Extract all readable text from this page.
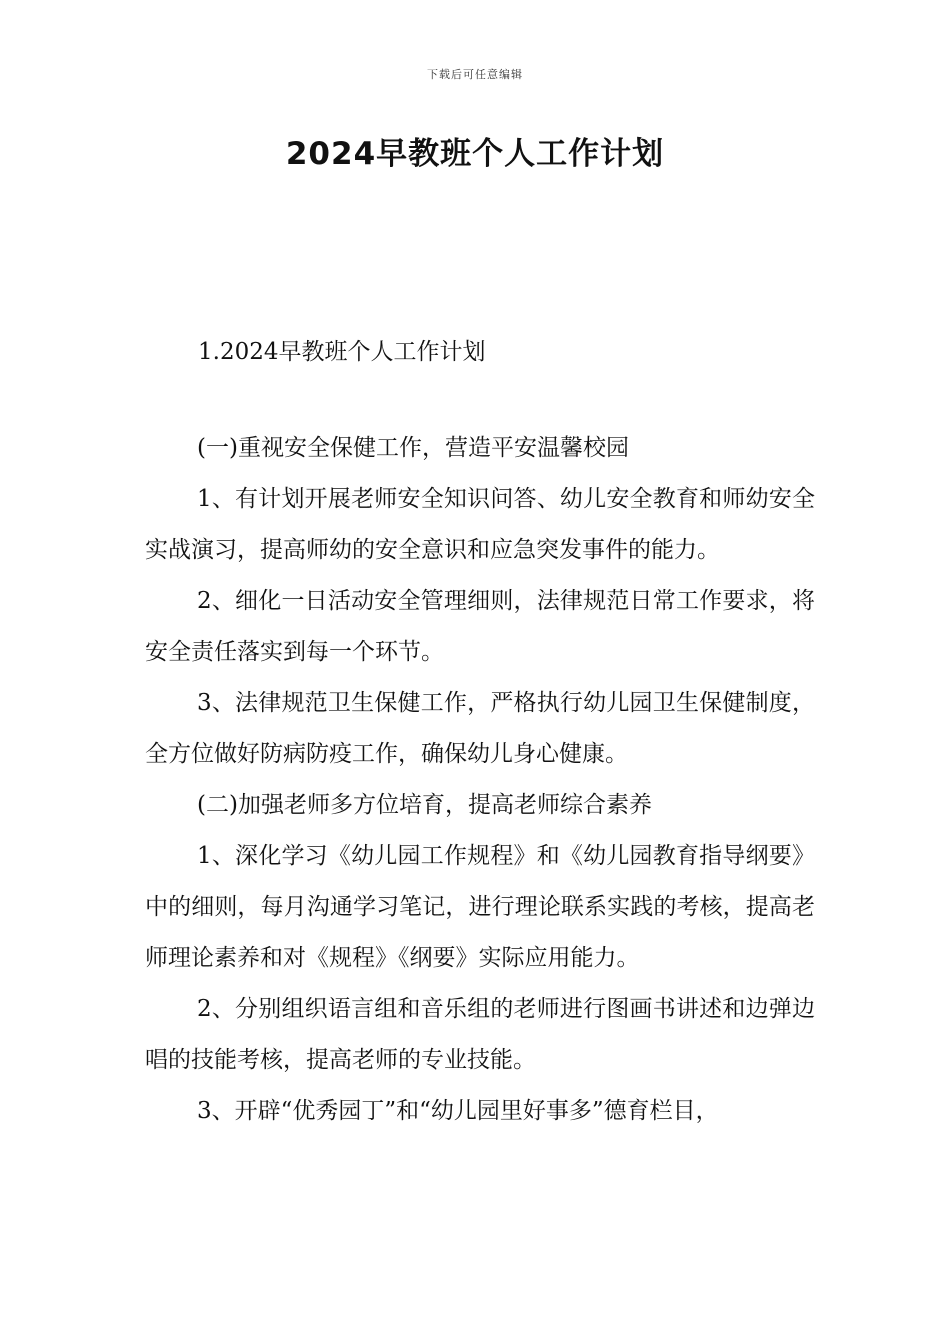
下载后可任意编辑
2024早教班个人工作计划
1.2024早教班个人工作计划

(一)重视安全保健工作，营造平安温馨校园

1、有计划开展老师安全知识问答、幼儿安全教育和师幼安全实战演习，提高师幼的安全意识和应急突发事件的能力。

2、细化一日活动安全管理细则，法律规范日常工作要求，将安全责任落实到每一个环节。

3、法律规范卫生保健工作，严格执行幼儿园卫生保健制度，全方位做好防病防疫工作，确保幼儿身心健康。

(二)加强老师多方位培育，提高老师综合素养

1、深化学习《幼儿园工作规程》和《幼儿园教育指导纲要》中的细则，每月沟通学习笔记，进行理论联系实践的考核，提高老师理论素养和对《规程》《纲要》实际应用能力。

2、分别组织语言组和音乐组的老师进行图画书讲述和边弹边唱的技能考核，提高老师的专业技能。

3、开辟“优秀园丁”和“幼儿园里好事多”德育栏目，
